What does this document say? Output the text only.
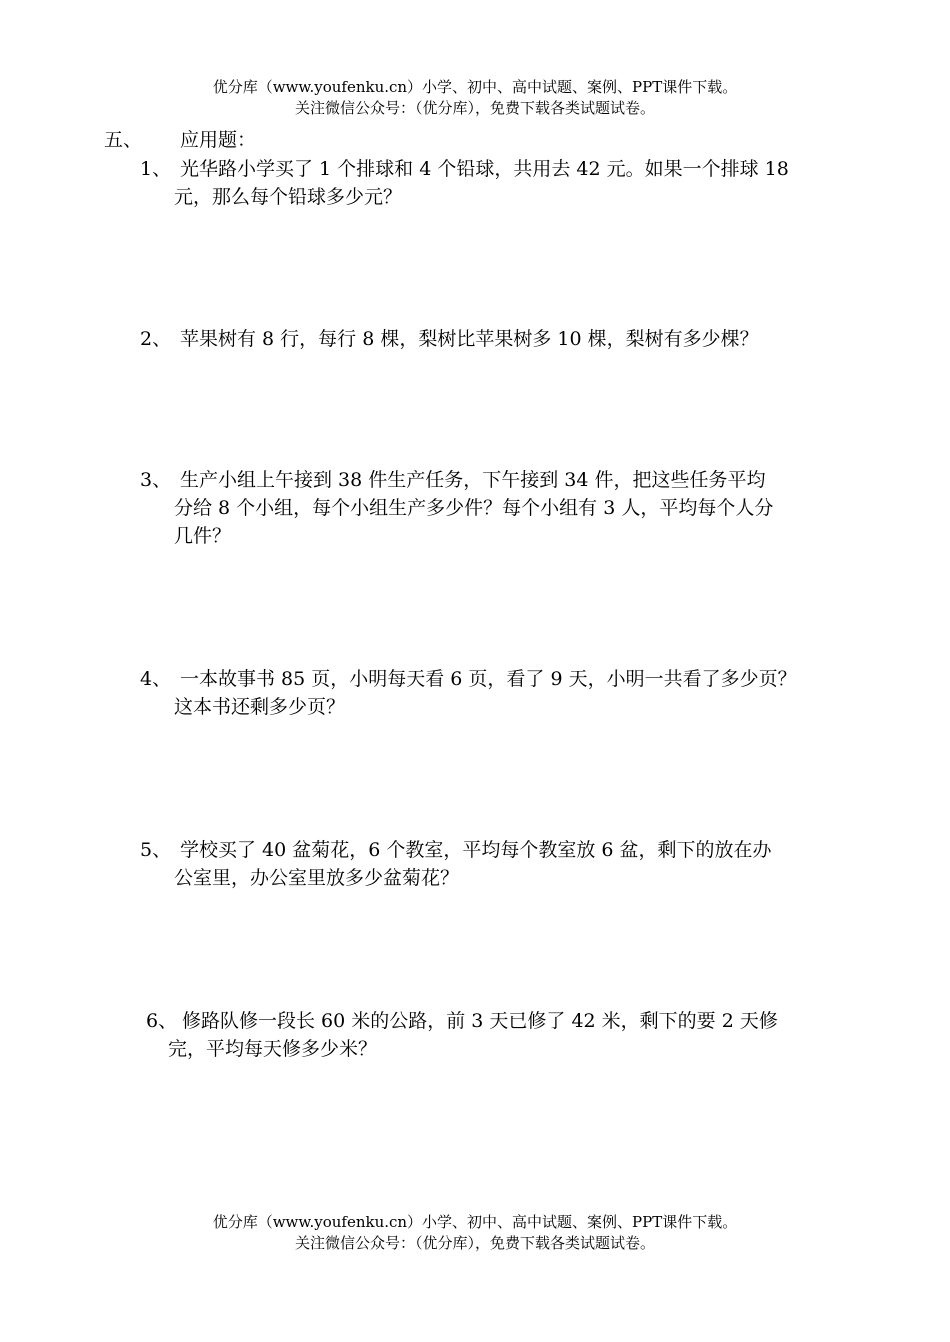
优分库（www.youfenku.cn）小学、初中、高中试题、案例、PPT课件下载。
关注微信公众号：（优分库），免费下载各类试题试卷。
五、 应用题：
1、 光华路小学买了 1 个排球和 4 个铅球，共用去 42 元。如果一个排球 18
元，那么每个铅球多少元？
2、 苹果树有 8 行，每行 8 棵，梨树比苹果树多 10 棵，梨树有多少棵？
3、 生产小组上午接到 38 件生产任务，下午接到 34 件，把这些任务平均
分给 8 个小组，每个小组生产多少件？每个小组有 3 人，平均每个人分
几件？
4、 一本故事书 85 页，小明每天看 6 页，看了 9 天，小明一共看了多少页？
这本书还剩多少页？
5、 学校买了 40 盆菊花，6 个教室，平均每个教室放 6 盆，剩下的放在办
公室里，办公室里放多少盆菊花？
6、 修路队修一段长 60 米的公路，前 3 天已修了 42 米，剩下的要 2 天修
完，平均每天修多少米？
优分库（www.youfenku.cn）小学、初中、高中试题、案例、PPT课件下载。
关注微信公众号：（优分库），免费下载各类试题试卷。
